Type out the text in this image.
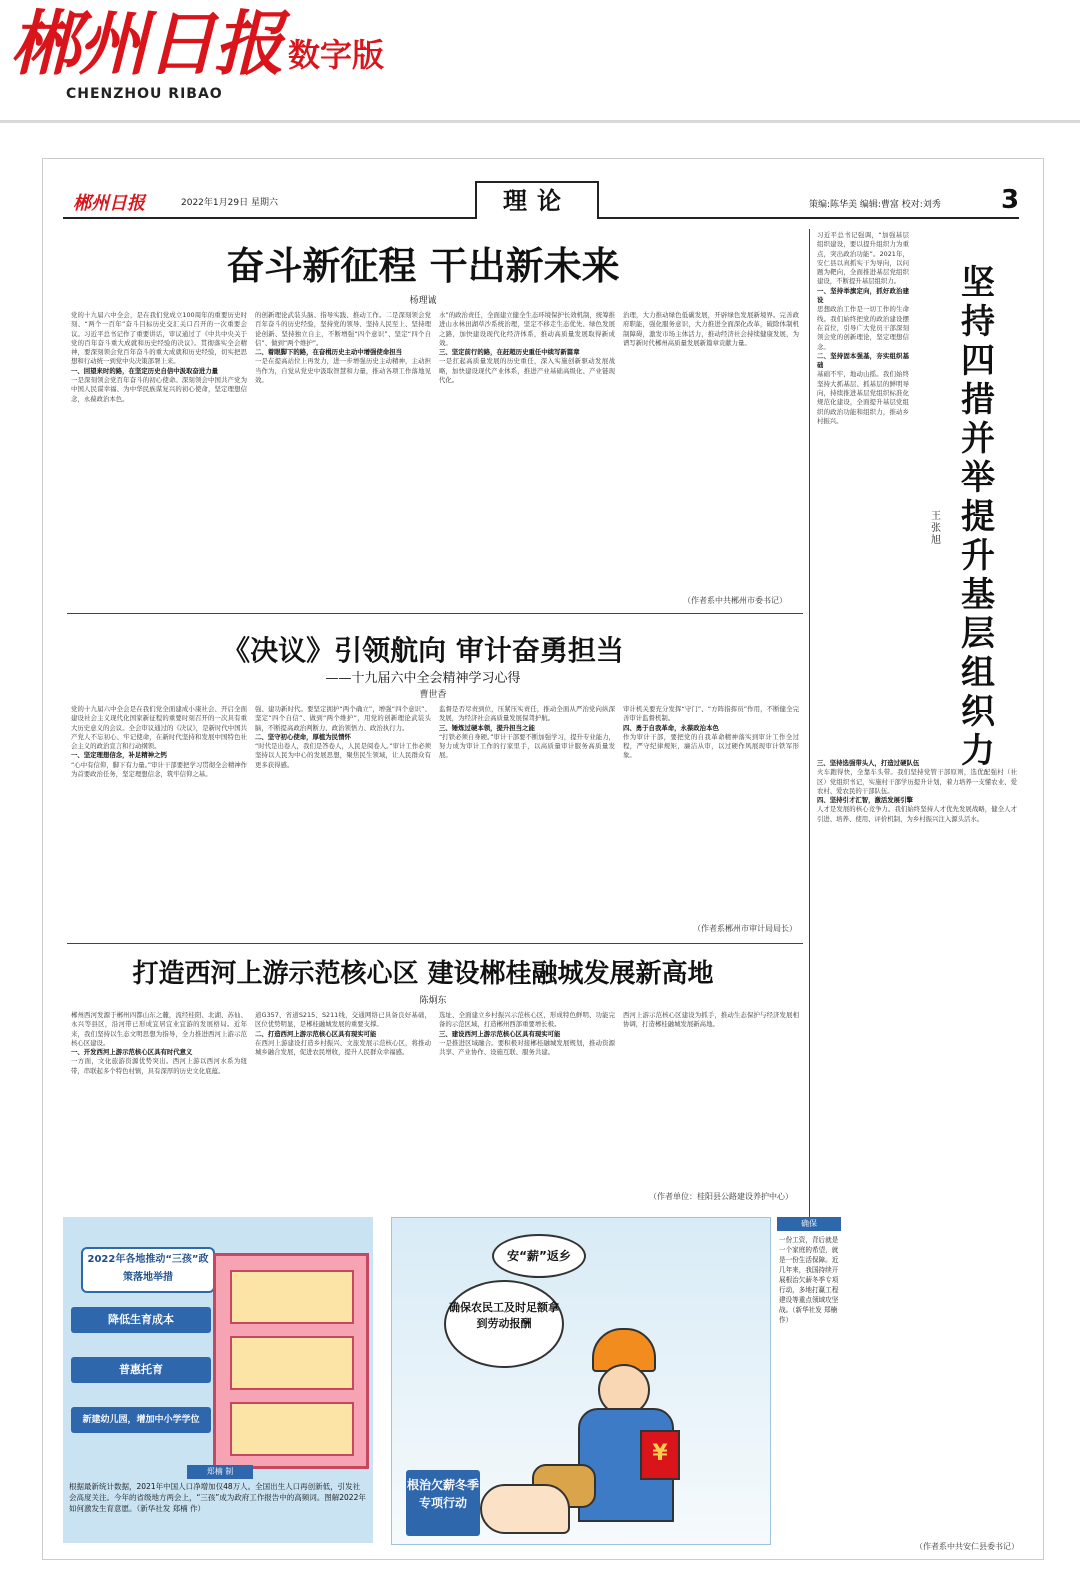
郴州日报 数字版
CHENZHOU RIBAO
郴州日报	2022年1月29日 星期六	理论	策编:陈华美 编辑:曹富 校对:刘秀 3
奋斗新征程 干出新未来
杨理诚
党的十九届六中全会，是在我们党成立100周年的重要历史时刻、“两个一百年”奋斗目标历史交汇关口召开的一次重要会议。习近平总书记作了重要讲话，审议通过了《中共中央关于党的百年奋斗重大成就和历史经验的决议》。贯彻落实全会精神，要深刻领会党百年奋斗的重大成就和历史经验，切实把思想和行动统一到党中央决策部署上来。
一、回望来时的路，在坚定历史自信中汲取奋进力量
一是深刻领会党百年奋斗的初心使命。深刻领会中国共产党为中国人民谋幸福、为中华民族谋复兴的初心使命，坚定理想信念，永葆政治本色。
的创新理论武装头脑、指导实践、推动工作。二是深刻领会党百年奋斗的历史经验，坚持党的领导、坚持人民至上、坚持理论创新、坚持独立自主，不断增强“四个意识”、坚定“四个自信”、做到“两个维护”。
二、着眼脚下的路，在奋楫历史主动中增强使命担当
一是在提高站位上再发力，进一步增强历史主动精神，主动担当作为，自觉从党史中汲取智慧和力量，推动各项工作落地见效。
水”的政治责任，全面建立健全生态环境保护长效机制，统筹推进山水林田湖草沙系统治理，坚定不移走生态优先、绿色发展之路，加快建设现代化经济体系，推动高质量发展取得新成效。
三、坚定前行的路，在赶超历史重任中续写新篇章
一是扛起高质量发展的历史重任，深入实施创新驱动发展战略，加快建设现代产业体系，推进产业基础高级化、产业链现代化。
治理，大力推动绿色低碳发展，开辟绿色发展新境界。完善政府职能，强化服务意识，大力推进全面深化改革，破除体制机制障碍，激发市场主体活力，推动经济社会持续健康发展，为谱写新时代郴州高质量发展新篇章贡献力量。
（作者系中共郴州市委书记）
《决议》引领航向 审计奋勇担当
——十九届六中全会精神学习心得
曹世香
党的十九届六中全会是在我们党全面建成小康社会、开启全面建设社会主义现代化国家新征程的重要时刻召开的一次具有重大历史意义的会议。全会审议通过的《决议》，是新时代中国共产党人不忘初心、牢记使命，在新时代坚持和发展中国特色社会主义的政治宣言和行动纲领。
一、坚定理想信念，补足精神之钙
“心中有信仰，脚下有力量。”审计干部要把学习贯彻全会精神作为首要政治任务，坚定理想信念，筑牢信仰之基。
强、建功新时代。要坚定拥护“两个确立”，增强“四个意识”、坚定“四个自信”、做到“两个维护”，用党的创新理论武装头脑，不断提高政治判断力、政治领悟力、政治执行力。
二、坚守初心使命，厚植为民情怀
“时代是出卷人，我们是答卷人，人民是阅卷人。”审计工作必须坚持以人民为中心的发展思想，聚焦民生领域，让人民群众有更多获得感。
监督是否尽责到位，压紧压实责任，推动全面从严治党向纵深发展，为经济社会高质量发展保驾护航。
三、锤炼过硬本领，提升担当之能
“打铁必须自身硬。”审计干部要不断加强学习，提升专业能力，努力成为审计工作的行家里手，以高质量审计服务高质量发展。
审计机关要充分发挥“守门”、“方阵指挥员”作用，不断健全完善审计监督机制。
四、勇于自我革命，永葆政治本色
作为审计干部，要把党的自我革命精神落实到审计工作全过程，严守纪律规矩，廉洁从审，以过硬作风展现审计铁军形象。
（作者系郴州市审计局局长）
打造西河上游示范核心区 建设郴桂融城发展新高地
陈炯东
郴州西河发源于郴州四都山东之麓，流经桂阳、北湖、苏仙、永兴等县区，沿河带已形成宜居宜业宜游的发展格局。近年来，我们坚持以生态文明思想为指导，全力推进西河上游示范核心区建设。
一、开发西河上游示范核心区具有时代意义
一方面，文化旅游资源优势突出。西河上游以西河水系为纽带，串联起多个特色村镇，具有深厚的历史文化底蕴。
道G357、省道S215、S211线，交通网络已具备良好基础，区位优势明显，是郴桂融城发展的重要支撑。
二、打造西河上游示范核心区具有现实可能
在西河上游建设打造乡村振兴、文旅发展示范核心区，将推动城乡融合发展，促进农民增收，提升人民群众幸福感。
选址、全面建立乡村振兴示范核心区，形成特色鲜明、功能完备的示范区域，打造郴州西部重要增长极。
三、建设西河上游示范核心区具有现实可能
一是推进区域融合。要积极对接郴桂融城发展规划，推动资源共享、产业协作、设施互联、服务共建。
西河上游示范核心区建设为抓手，推动生态保护与经济发展相协调，打造郴桂融城发展新高地。
（作者单位：桂阳县公路建设养护中心）
坚持四措并举 提升基层组织力
王张旭
习近平总书记强调，“加强基层组织建设，要以提升组织力为重点，突出政治功能”。2021年，安仁县以真抓实干为导向，以问题为靶向，全面推进基层党组织建设，不断提升基层组织力。
一、坚持举旗定向，抓好政治建设
思想政治工作是一切工作的生命线。我们始终把党的政治建设摆在首位，引导广大党员干部深刻领会党的创新理论，坚定理想信念。
二、坚持固本强基，夯实组织基础
基础不牢，地动山摇。我们始终坚持大抓基层、抓基层的鲜明导向，持续推进基层党组织标准化规范化建设，全面提升基层党组织的政治功能和组织力，推动乡村振兴。
三、坚持选强带头人，打造过硬队伍
火车跑得快，全靠车头带。我们坚持党管干部原则，选优配强村（社区）党组织书记，实施村干部学历提升计划，着力培养一支懂农业、爱农村、爱农民的干部队伍。
四、坚持引才汇智，激活发展引擎
人才是发展的核心竞争力。我们始终坚持人才优先发展战略，健全人才引进、培养、使用、评价机制，为乡村振兴注入源头活水。
（作者系中共安仁县委书记）
2022年各地推动“三孩”政策落地举措
降低生育成本
普惠托育
新建幼儿园，增加中小学学位
郑楠 制
根据最新统计数据，2021年中国人口净增加仅48万人。全国出生人口再创新低，引发社会高度关注。今年的省级地方两会上，“三孩”成为政府工作报告中的高频词。图解2022年如何激发生育意愿。（新华社发 郑楠 作）
安“薪”返乡
确保农民工及时足额拿到劳动报酬
¥
根治欠薪冬季专项行动
确保
一份工资，背后就是一个家庭的希望，就是一份生活保障。近几年来，我国持续开展根治欠薪冬季专项行动，多地打赢工程建设等重点领域攻坚战。（新华社发 郑楠 作）
